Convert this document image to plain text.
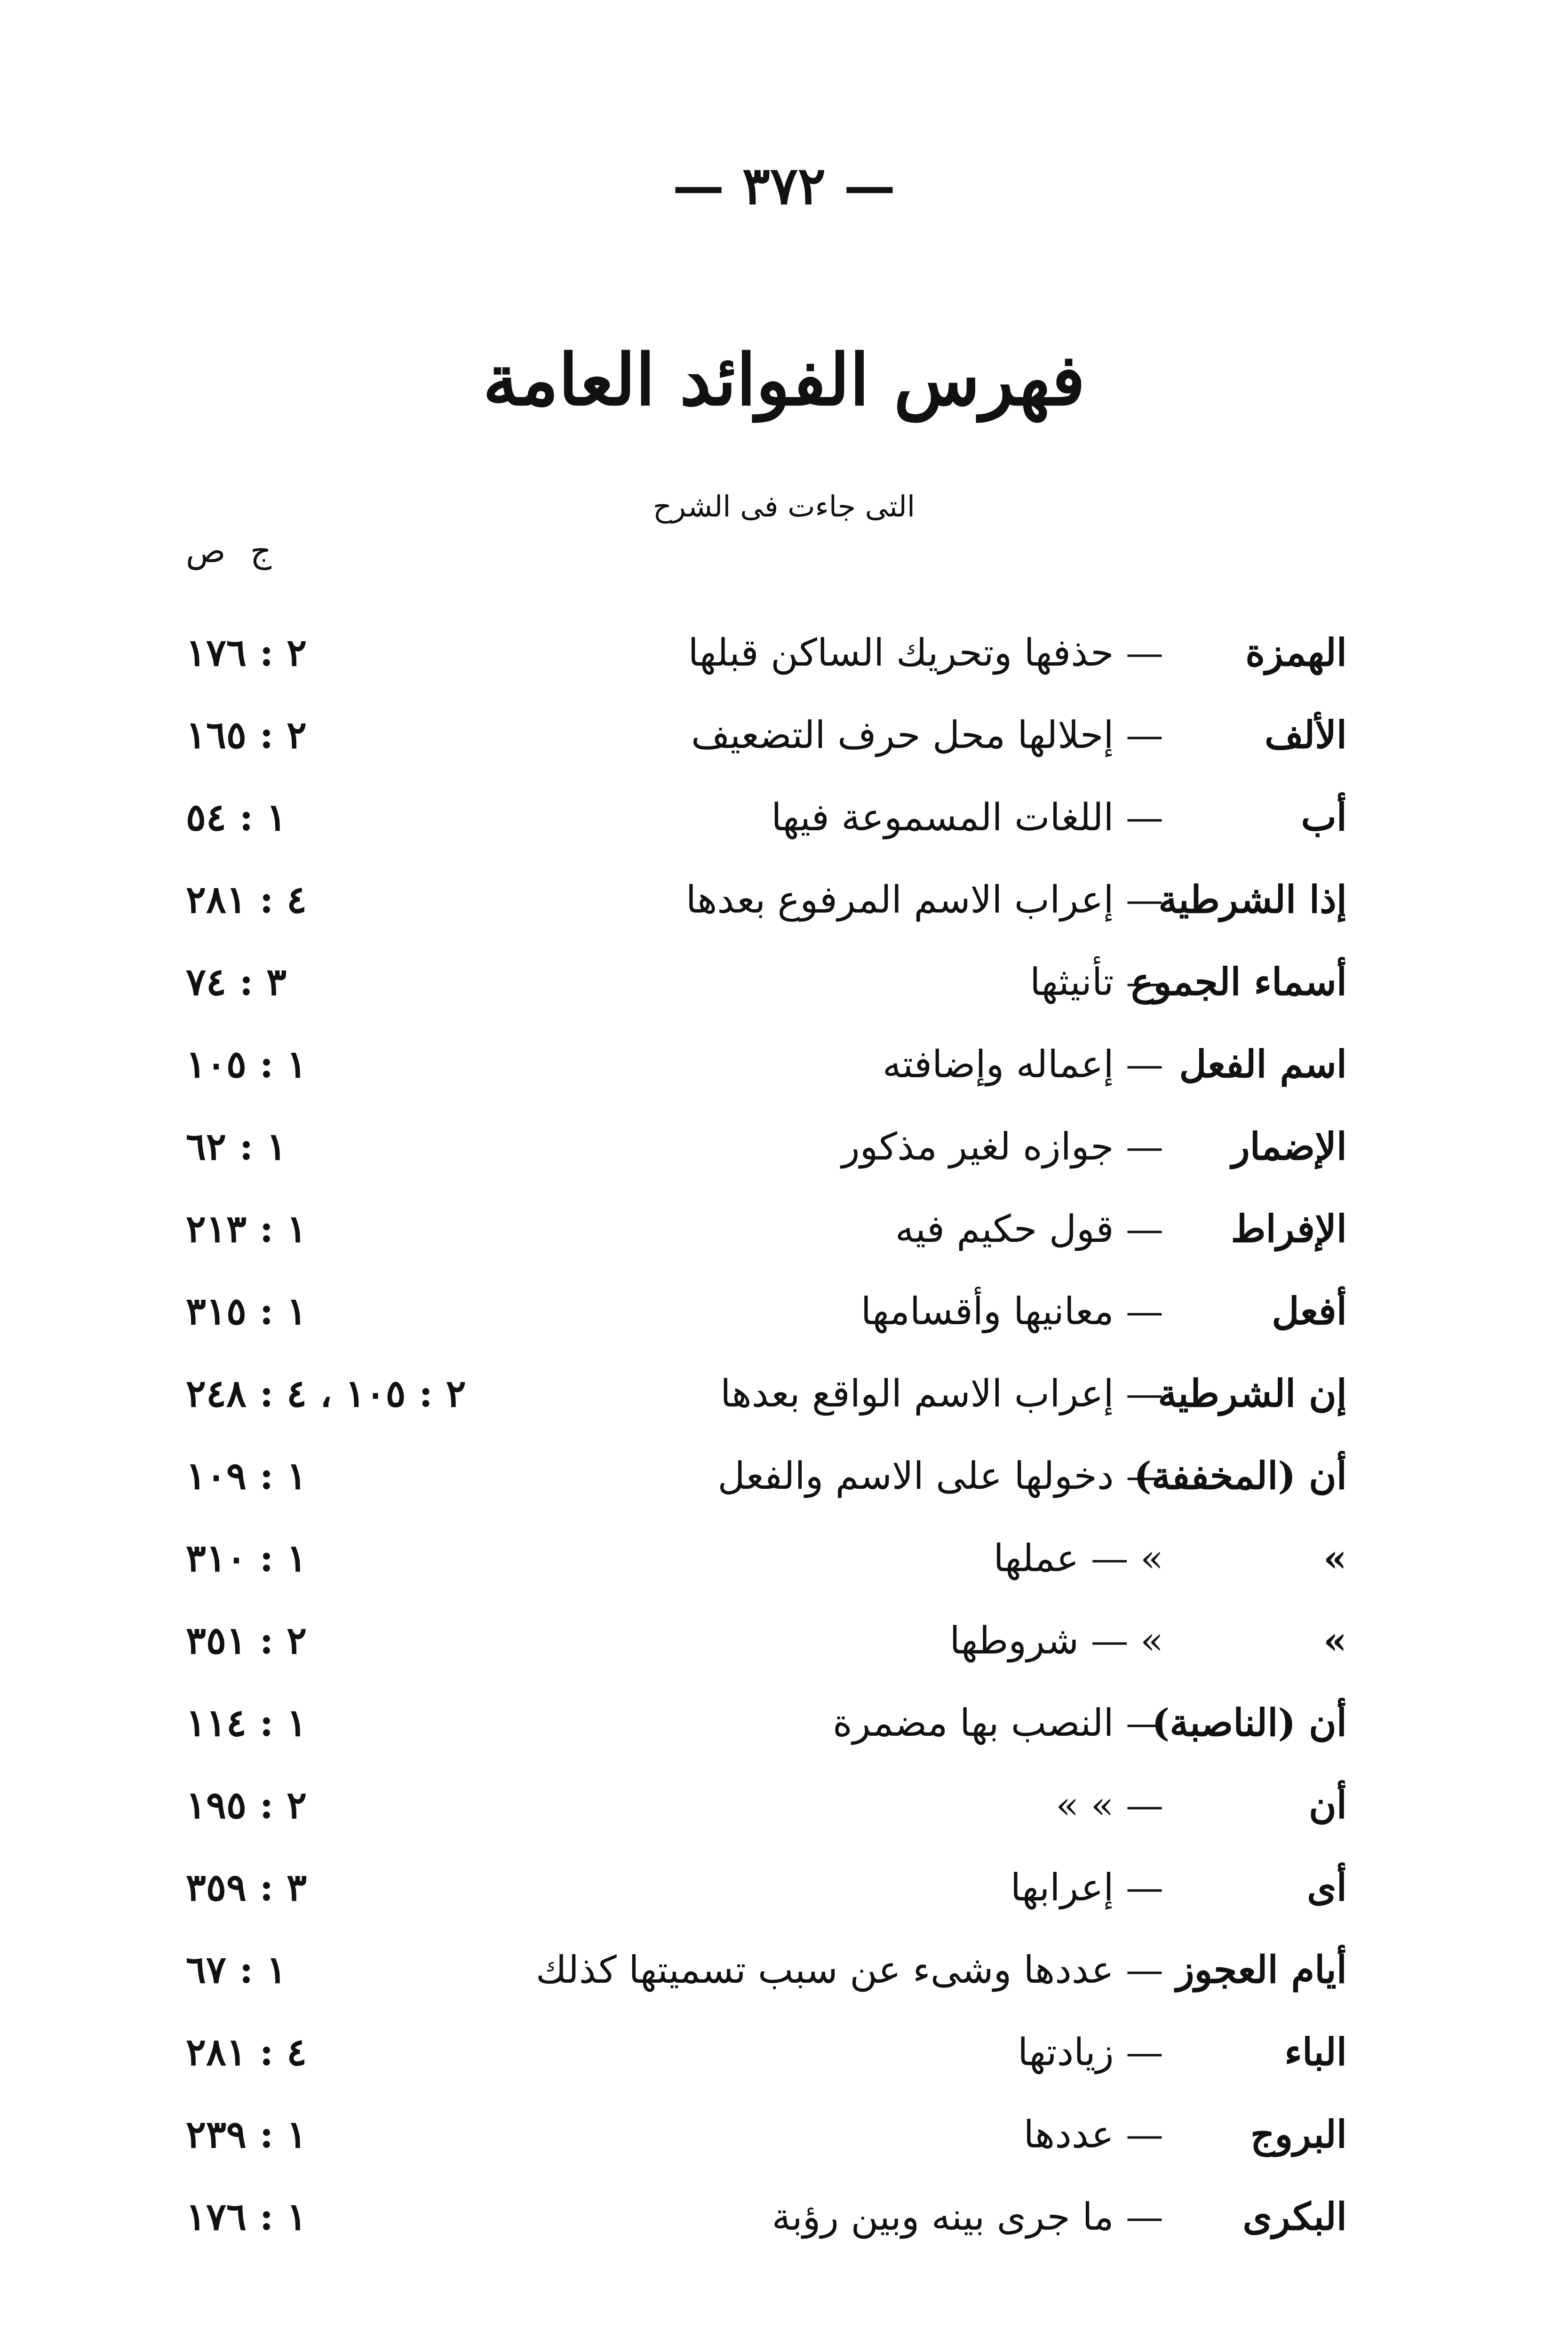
— ٣٧٢ —
فهرس الفوائد العامة
التى جاءت فى الشرح
ج ص
الهمزة
— حذفها وتحريك الساكن قبلها
٢ : ١٧٦
الألف
— إحلالها محل حرف التضعيف
٢ : ١٦٥
أب
— اللغات المسموعة فيها
١ : ٥٤
إذا الشرطية
— إعراب الاسم المرفوع بعدها
٤ : ٢٨١
أسماء الجموع
— تأنيثها
٣ : ٧٤
اسم الفعل
— إعماله وإضافته
١ : ١٠٥
الإضمار
— جوازه لغير مذكور
١ : ٦٢
الإفراط
— قول حكيم فيه
١ : ٢١٣
أفعل
— معانيها وأقسامها
١ : ٣١٥
إن الشرطية
— إعراب الاسم الواقع بعدها
٢ : ١٠٥ ، ٤ : ٢٤٨
أن (المخففة)
— دخولها على الاسم والفعل
١ : ١٠٩
»
» — عملها
١ : ٣١٠
»
» — شروطها
٢ : ٣٥١
أن (الناصبة)
— النصب بها مضمرة
١ : ١١٤
أن
— » »
٢ : ١٩٥
أى
— إعرابها
٣ : ٣٥٩
أيام العجوز
— عددها وشىء عن سبب تسميتها كذلك
١ : ٦٧
الباء
— زيادتها
٤ : ٢٨١
البروج
— عددها
١ : ٢٣٩
البكرى
— ما جرى بينه وبين رؤبة
١ : ١٧٦
